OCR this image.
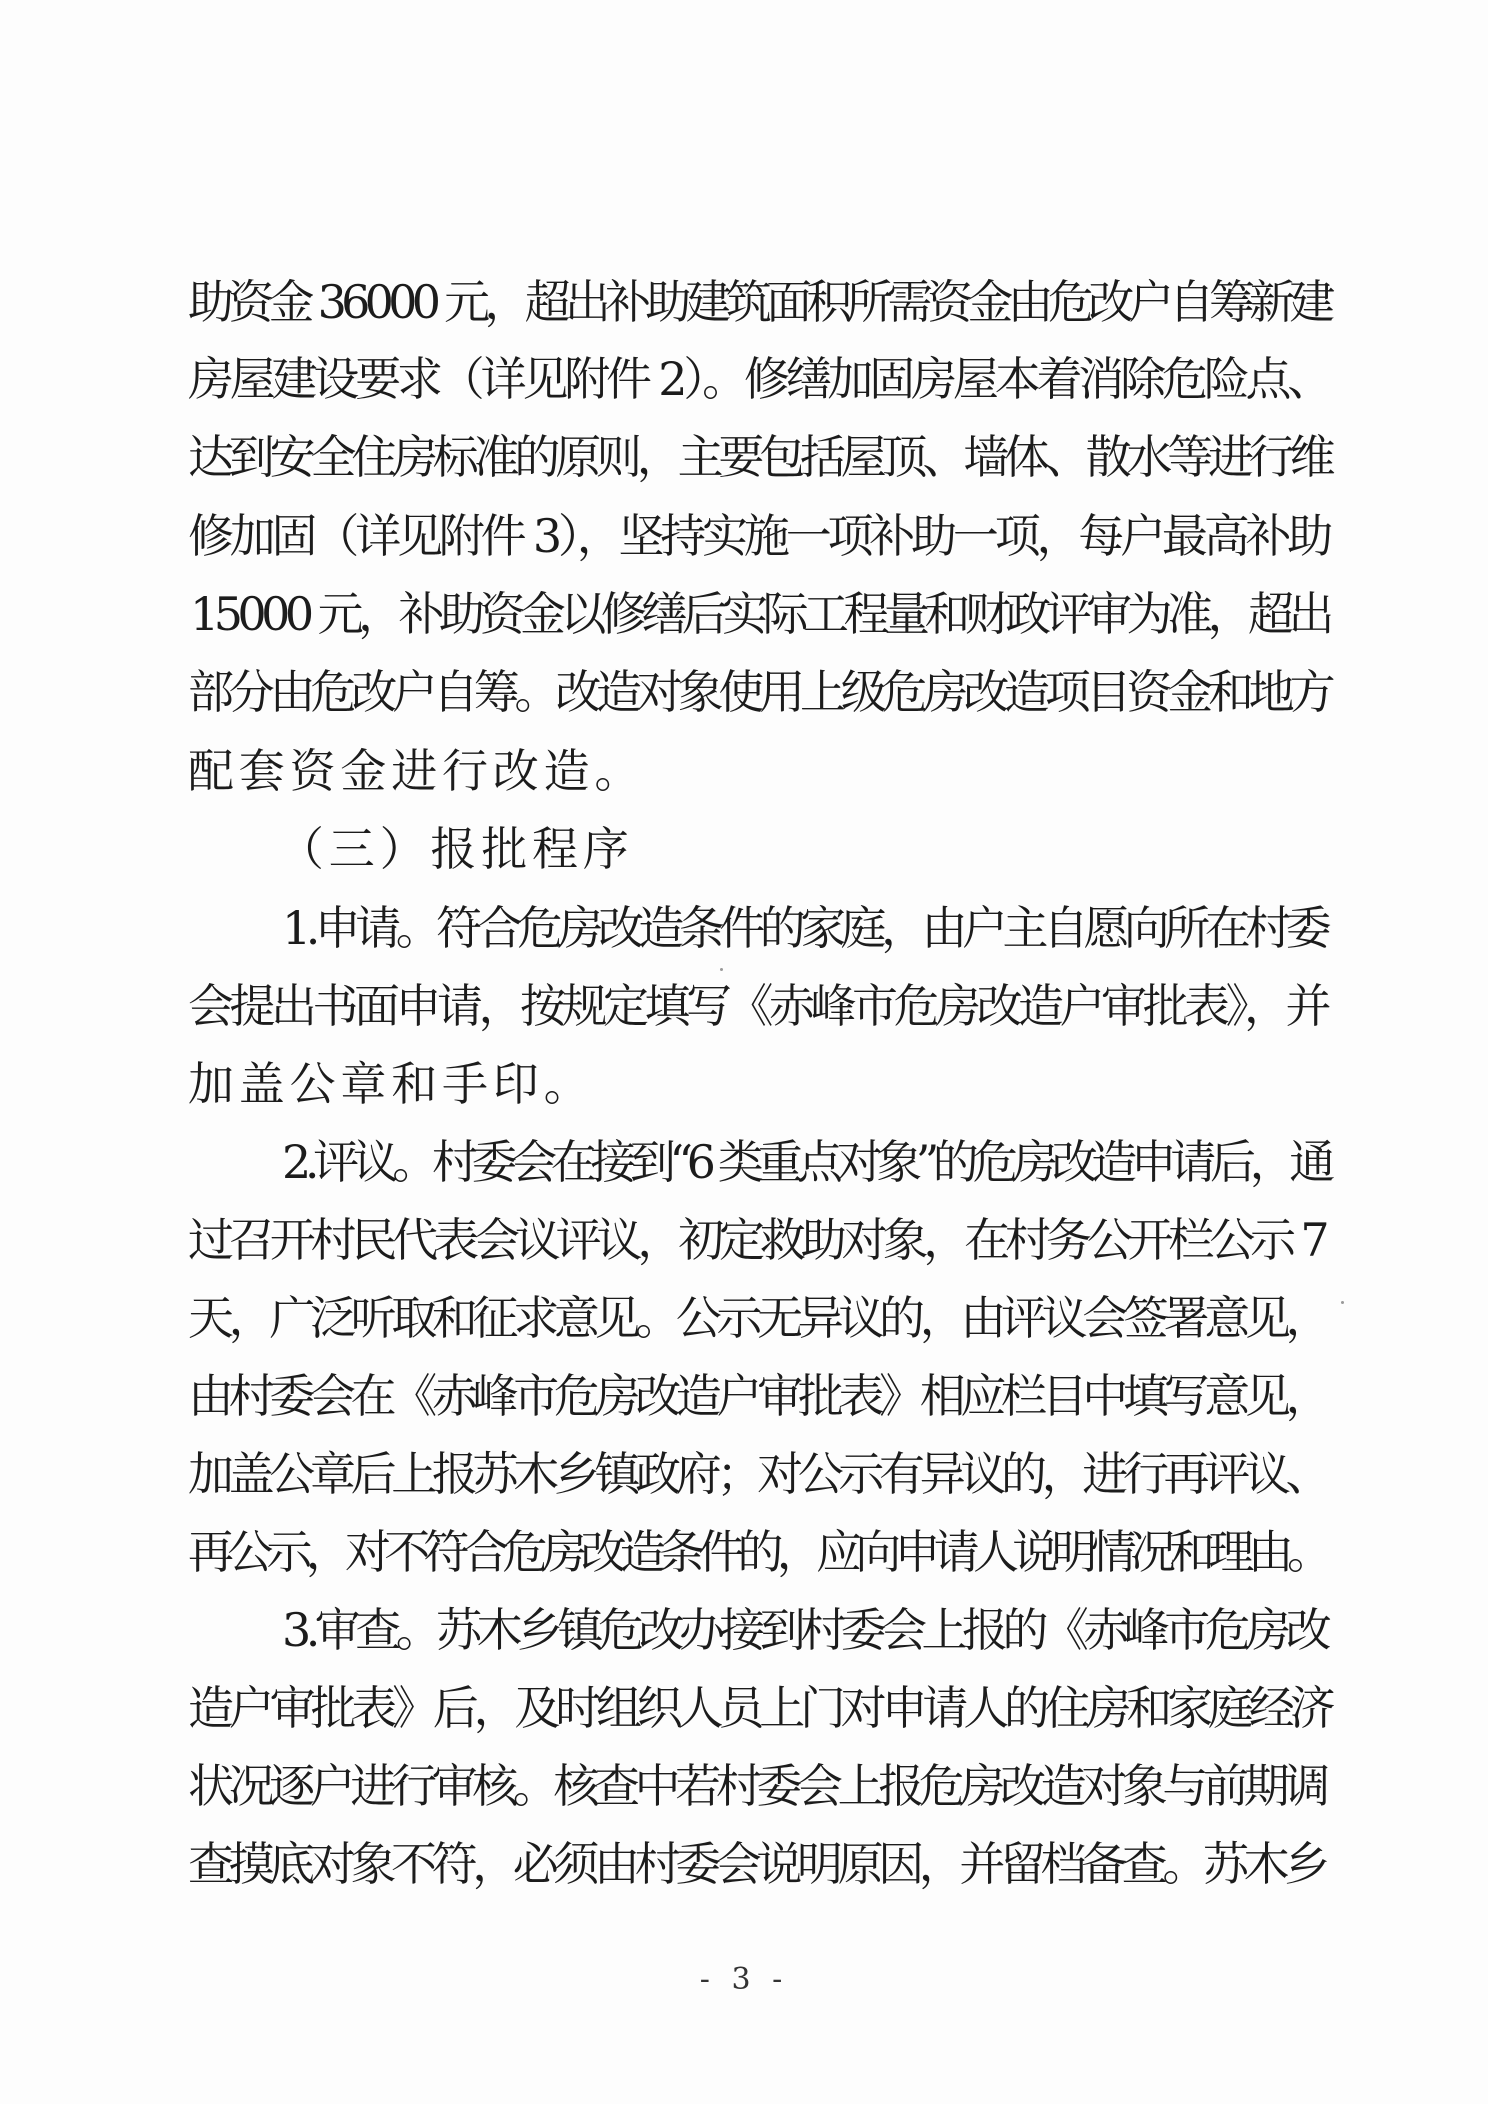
助资金 36000 元，超出补助建筑面积所需资金由危改户自筹新建
房屋建设要求（详见附件 2）。修缮加固房屋本着消除危险点、
达到安全住房标准的原则，主要包括屋顶、墙体、散水等进行维
修加固（详见附件 3），坚持实施一项补助一项，每户最高补助
15000 元，补助资金以修缮后实际工程量和财政评审为准，超出
部分由危改户自筹。改造对象使用上级危房改造项目资金和地方
配套资金进行改造。
（三）报批程序
1.申请。符合危房改造条件的家庭，由户主自愿向所在村委
会提出书面申请，按规定填写《赤峰市危房改造户审批表》，并
加盖公章和手印。
2.评议。村委会在接到“6 类重点对象”的危房改造申请后，通
过召开村民代表会议评议，初定救助对象，在村务公开栏公示 7
天，广泛听取和征求意见。公示无异议的，由评议会签署意见，
由村委会在《赤峰市危房改造户审批表》相应栏目中填写意见，
加盖公章后上报苏木乡镇政府；对公示有异议的，进行再评议、
再公示，对不符合危房改造条件的，应向申请人说明情况和理由。
3.审查。苏木乡镇危改办接到村委会上报的《赤峰市危房改
造户审批表》后，及时组织人员上门对申请人的住房和家庭经济
状况逐户进行审核。核查中若村委会上报危房改造对象与前期调
查摸底对象不符，必须由村委会说明原因，并留档备查。苏木乡
- 3 -
